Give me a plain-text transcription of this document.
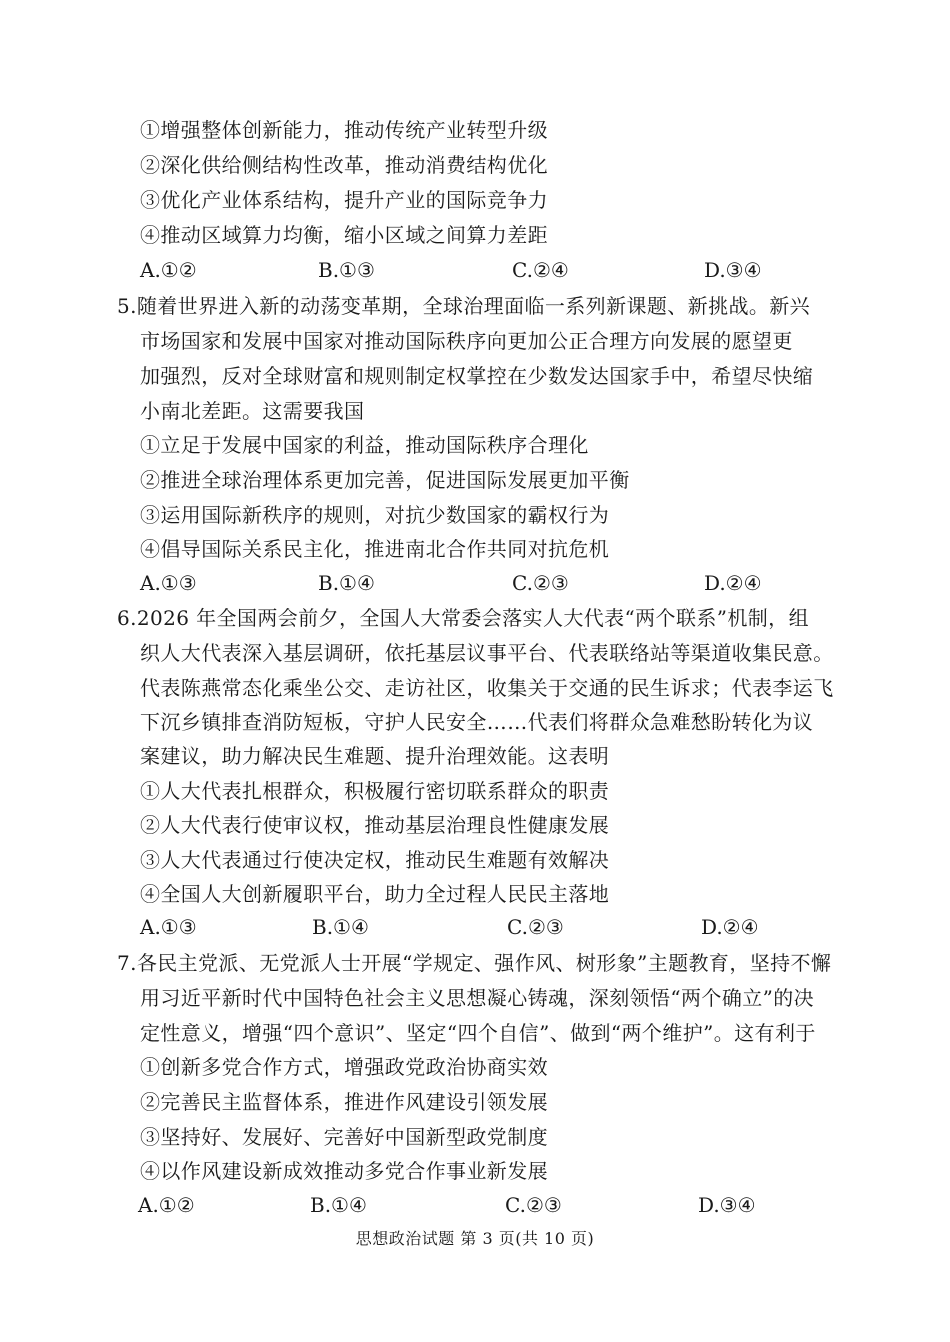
①增强整体创新能力，推动传统产业转型升级
②深化供给侧结构性改革，推动消费结构优化
③优化产业体系结构，提升产业的国际竞争力
④推动区域算力均衡，缩小区域之间算力差距
A.①②	B.①③	C.②④	D.③④
5.随着世界进入新的动荡变革期，全球治理面临一系列新课题、新挑战。新兴
市场国家和发展中国家对推动国际秩序向更加公正合理方向发展的愿望更
加强烈，反对全球财富和规则制定权掌控在少数发达国家手中，希望尽快缩
小南北差距。这需要我国
①立足于发展中国家的利益，推动国际秩序合理化
②推进全球治理体系更加完善，促进国际发展更加平衡
③运用国际新秩序的规则，对抗少数国家的霸权行为
④倡导国际关系民主化，推进南北合作共同对抗危机
A.①③	B.①④	C.②③	D.②④
6.2026 年全国两会前夕，全国人大常委会落实人大代表“两个联系”机制，组
织人大代表深入基层调研，依托基层议事平台、代表联络站等渠道收集民意。
代表陈燕常态化乘坐公交、走访社区，收集关于交通的民生诉求；代表李运飞
下沉乡镇排查消防短板，守护人民安全……代表们将群众急难愁盼转化为议
案建议，助力解决民生难题、提升治理效能。这表明
①人大代表扎根群众，积极履行密切联系群众的职责
②人大代表行使审议权，推动基层治理良性健康发展
③人大代表通过行使决定权，推动民生难题有效解决
④全国人大创新履职平台，助力全过程人民民主落地
A.①③	B.①④	C.②③	D.②④
7.各民主党派、无党派人士开展“学规定、强作风、树形象”主题教育，坚持不懈
用习近平新时代中国特色社会主义思想凝心铸魂，深刻领悟“两个确立”的决
定性意义，增强“四个意识”、坚定“四个自信”、做到“两个维护”。这有利于
①创新多党合作方式，增强政党政治协商实效
②完善民主监督体系，推进作风建设引领发展
③坚持好、发展好、完善好中国新型政党制度
④以作风建设新成效推动多党合作事业新发展
A.①②	B.①④	C.②③	D.③④
思想政治试题 第 3 页(共 10 页)
